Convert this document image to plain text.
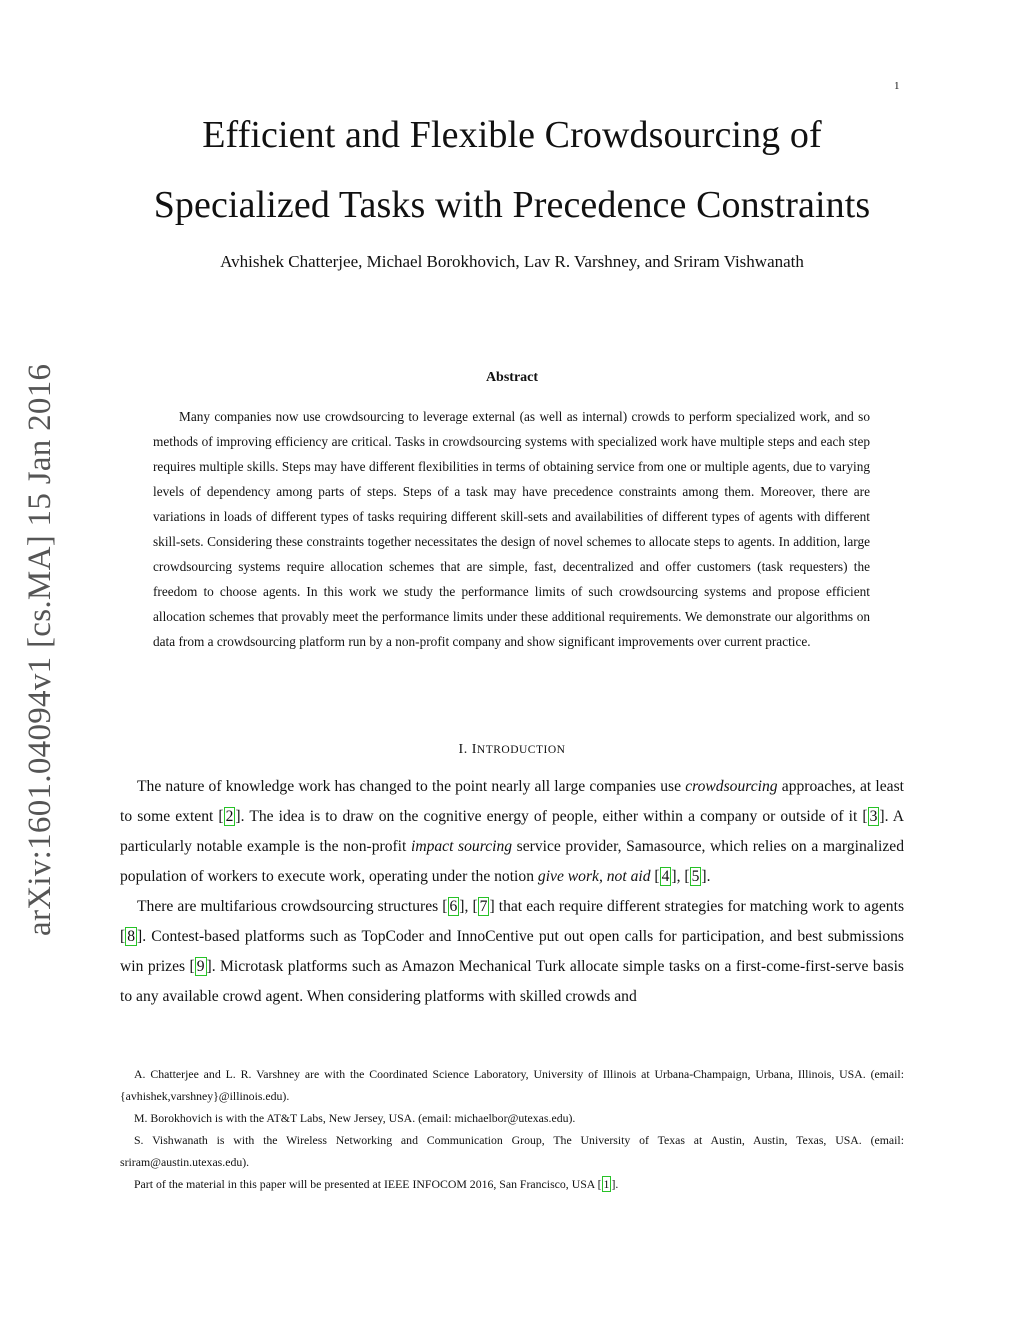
1
Efficient and Flexible Crowdsourcing of
Specialized Tasks with Precedence Constraints
Avhishek Chatterjee, Michael Borokhovich, Lav R. Varshney, and Sriram Vishwanath
arXiv:1601.04094v1 [cs.MA] 15 Jan 2016	Abstract

Many companies now use crowdsourcing to leverage external (as well as internal) crowds to perform specialized work, and so methods of improving efficiency are critical. Tasks in crowdsourcing systems with specialized work have multiple steps and each step requires multiple skills. Steps may have different flexibilities in terms of obtaining service from one or multiple agents, due to varying levels of dependency among parts of steps. Steps of a task may have precedence constraints among them. Moreover, there are variations in loads of different types of tasks requiring different skill-sets and availabilities of different types of agents with different skill-sets. Considering these constraints together necessitates the design of novel schemes to allocate steps to agents. In addition, large crowdsourcing systems require allocation schemes that are simple, fast, decentralized and offer customers (task requesters) the freedom to choose agents. In this work we study the performance limits of such crowdsourcing systems and propose efficient allocation schemes that provably meet the performance limits under these additional requirements. We demonstrate our algorithms on data from a crowdsourcing platform run by a non-profit company and show significant improvements over current practice.

I. INTRODUCTION

The nature of knowledge work has changed to the point nearly all large companies use crowdsourcing approaches, at least to some extent [ 2 ]. The idea is to draw on the cognitive energy of people, either within a company or outside of it [ 3 ]. A particularly notable example is the non-profit impact sourcing service provider, Samasource, which relies on a marginalized population of workers to execute work, operating under the notion give work, not aid [ 4 ], [ 5 ].

There are multifarious crowdsourcing structures [ 6 ], [ 7 ] that each require different strategies for matching work to agents [ 8 ]. Contest-based platforms such as TopCoder and InnoCentive put out open calls for participation, and best submissions win prizes [ 9 ]. Microtask platforms such as Amazon Mechanical Turk allocate simple tasks on a first-come-first-serve basis to any available crowd agent. When considering platforms with skilled crowds and

A. Chatterjee and L. R. Varshney are with the Coordinated Science Laboratory, University of Illinois at Urbana-Champaign, Urbana, Illinois, USA. (email: {avhishek,varshney}@illinois.edu).

M. Borokhovich is with the AT&T Labs, New Jersey, USA. (email: michaelbor@utexas.edu).

S. Vishwanath is with the Wireless Networking and Communication Group, The University of Texas at Austin, Austin, Texas, USA. (email: sriram@austin.utexas.edu).

Part of the material in this paper will be presented at IEEE INFOCOM 2016, San Francisco, USA [ 1 ].
